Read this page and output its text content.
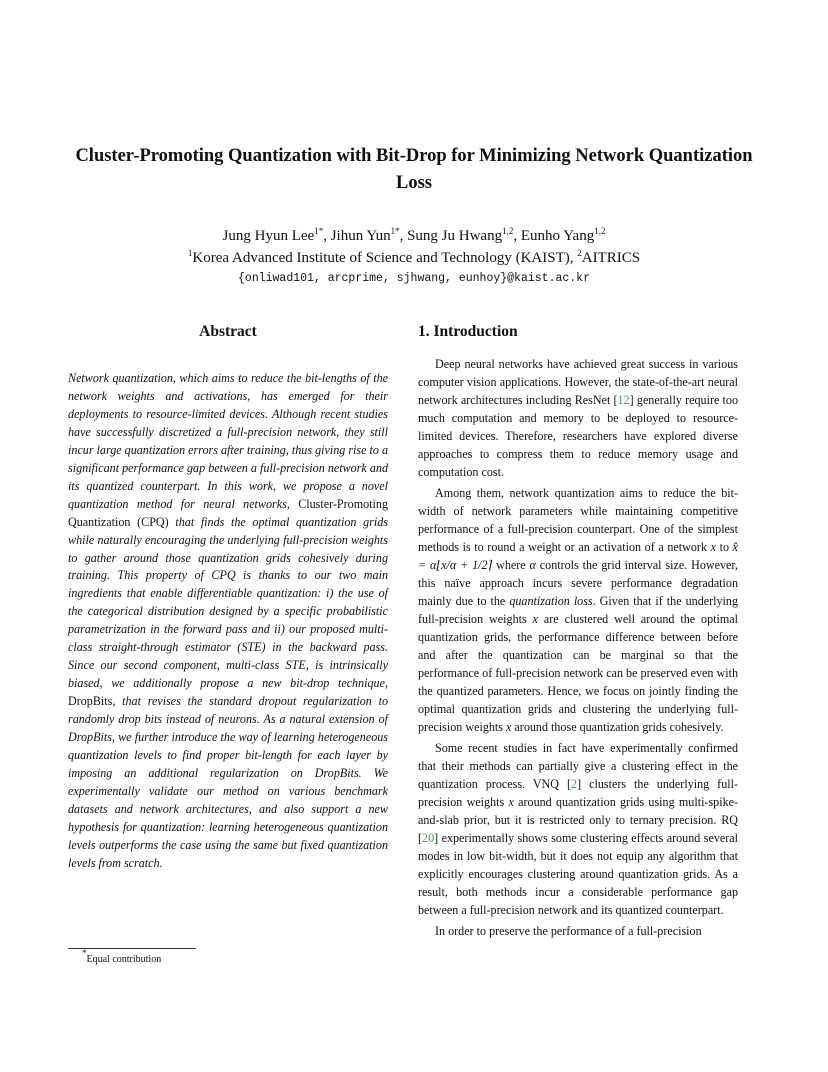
Cluster-Promoting Quantization with Bit-Drop for Minimizing Network Quantization Loss
Jung Hyun Lee$^{1*}$, Jihun Yun$^{1*}$, Sung Ju Hwang$^{1,2}$, Eunho Yang$^{1,2}$
$^1$Korea Advanced Institute of Science and Technology (KAIST), $^2$AITRICS
{onliwad101, arcprime, sjhwang, eunhoy}@kaist.ac.kr
Abstract	1. Introduction
Network quantization, which aims to reduce the bit-lengths of the network weights and activations, has emerged for their deployments to resource-limited devices. Although recent studies have successfully discretized a full-precision network, they still incur large quantization errors after training, thus giving rise to a significant performance gap between a full-precision network and its quantized counterpart. In this work, we propose a novel quantization method for neural networks, Cluster-Promoting Quantization (CPQ) that finds the optimal quantization grids while naturally encouraging the underlying full-precision weights to gather around those quantization grids cohesively during training. This property of CPQ is thanks to our two main ingredients that enable differentiable quantization: i) the use of the categorical distribution designed by a specific probabilistic parametrization in the forward pass and ii) our proposed multi-class straight-through estimator (STE) in the backward pass. Since our second component, multi-class STE, is intrinsically biased, we additionally propose a new bit-drop technique, DropBits, that revises the standard dropout regularization to randomly drop bits instead of neurons. As a natural extension of DropBits, we further introduce the way of learning heterogeneous quantization levels to find proper bit-length for each layer by imposing an additional regularization on DropBits. We experimentally validate our method on various benchmark datasets and network architectures, and also support a new hypothesis for quantization: learning heterogeneous quantization levels outperforms the case using the same but fixed quantization levels from scratch.

Deep neural networks have achieved great success in various computer vision applications. However, the state-of-the-art neural network architectures including ResNet [12] generally require too much computation and memory to be deployed to resource-limited devices. Therefore, researchers have explored diverse approaches to compress them to reduce memory usage and computation cost.

Among them, network quantization aims to reduce the bit-width of network parameters while maintaining competitive performance of a full-precision counterpart. One of the simplest methods is to round a weight or an activation of a network x to x̂ = α⌊x/α + 1/2⌉ where α controls the grid interval size. However, this naïve approach incurs severe performance degradation mainly due to the quantization loss. Given that if the underlying full-precision weights x are clustered well around the optimal quantization grids, the performance difference between before and after the quantization can be marginal so that the performance of full-precision network can be preserved even with the quantized parameters. Hence, we focus on jointly finding the optimal quantization grids and clustering the underlying full-precision weights x around those quantization grids cohesively.

Some recent studies in fact have experimentally confirmed that their methods can partially give a clustering effect in the quantization process. VNQ [2] clusters the underlying full-precision weights x around quantization grids using multi-spike-and-slab prior, but it is restricted only to ternary precision. RQ [20] experimentally shows some clustering effects around several modes in low bit-width, but it does not equip any algorithm that explicitly encourages clustering around quantization grids. As a result, both methods incur a considerable performance gap between a full-precision network and its quantized counterpart.

In order to preserve the performance of a full-precision

*Equal contribution
